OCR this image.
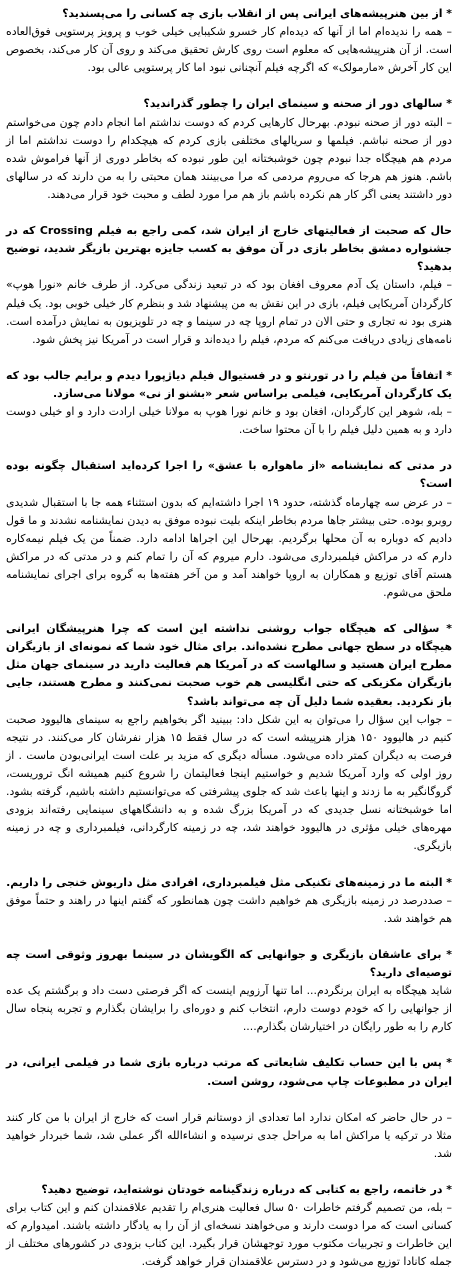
* از بین هنرپیشه‌های ایرانی پس از انقلاب بازی چه کسانی را می‌پسندید؟
– همه را ندیده‌ام اما از آنها که دیده‌ام کار خسرو شکیبایی خیلی خوب و پرویز پرستویی فوق‌العاده است. از آن هنرپیشه‌هایی که معلوم است روی کارش تحقیق می‌کند و روی آن کار می‌کند، بخصوص این کار آخرش «مارمولک» که اگرچه فیلم آنچنانی نبود اما کار پرستویی عالی بود.
* سالهای دور از صحنه و سینمای ایران را چطور گذراندید؟
– البته دور از صحنه نبودم. بهرحال کارهایی کردم که دوست نداشتم اما انجام دادم چون می‌خواستم دور از صحنه نباشم. فیلمها و سریالهای مختلفی بازی کردم که هیچکدام را دوست نداشتم اما از مردم هم هیچگاه جدا نبودم چون خوشبختانه این طور نبوده که بخاطر دوری از آنها فراموش شده باشم. هنوز هم هرجا که می‌روم مردمی که مرا می‌بینند همان محبتی را به من دارند که در سالهای دور داشتند یعنی اگر کار هم نکرده باشم باز هم مرا مورد لطف و محبت خود قرار می‌دهند.
حال که صحبت از فعالیتهای خارج از ایران شد، کمی راجع به فیلم Crossing که در جشنواره دمشق بخاطر بازی در آن موفق به کسب جایزه بهترین بازیگر شدید، توضیح بدهید؟
– فیلم، داستان یک آدم معروف افغان بود که در تبعید زندگی می‌کرد. از طرف خانم «نورا هوپ» کارگردان آمریکایی فیلم، بازی در این نقش به من پیشنهاد شد و بنظرم کار خیلی خوبی بود. یک فیلم هنری بود نه تجاری و حتی الان در تمام اروپا چه در سینما و چه در تلویزیون به نمایش درآمده است. نامه‌های زیادی دریافت می‌کنم که مردم، فیلم را دیده‌اند و قرار است در آمریکا نیز پخش شود.
* اتفاقاً من فیلم را در تورنتو و در فستیوال فیلم دیاژپورا دیدم و برایم جالب بود که یک کارگردان آمریکایی، فیلمی براساس شعر «بشنو از نی» مولانا می‌سازد.
– بله، شوهر این کارگردان، افغان بود و خانم نورا هوپ به مولانا خیلی ارادت دارد و او خیلی دوست دارد و به همین دلیل فیلم را با آن محتوا ساخت.
در مدتی که نمایشنامه «از ماهواره با عشق» را اجرا کرده‌اید استقبال چگونه بوده است؟
– در عرض سه چهارماه گذشته، حدود ۱۹ اجرا داشته‌ایم که بدون استثناء همه جا با استقبال شدیدی روبرو بوده. حتی بیشتر جاها مردم بخاطر اینکه بلیت نبوده موفق به دیدن نمایشنامه نشدند و ما قول دادیم که دوباره به آن محلها برگردیم. بهرحال این اجراها ادامه دارد. ضمناً من یک فیلم نیمه‌کاره دارم که در مراکش فیلمبرداری می‌شود. دارم میروم که آن را تمام کنم و در مدتی که در مراکش هستم آقای توزیع و همکاران به اروپا خواهند آمد و من آخر هفته‌ها به گروه برای اجرای نمایشنامه ملحق می‌شوم.
* سؤالی که هیچگاه جواب روشنی نداشته این است که چرا هنرپیشگان ایرانی هیچگاه در سطح جهانی مطرح نشده‌اند. برای مثال خود شما که نمونه‌ای از بازیگران مطرح ایران هستید و سالهاست که در آمریکا هم فعالیت دارید در سینمای جهان مثل بازیگران مکزیکی که حتی انگلیسی هم خوب صحبت نمی‌کنند و مطرح هستند، جایی باز نکردید. بعقیده شما دلیل آن چه می‌تواند باشد؟
– جواب این سؤال را می‌توان به این شکل داد: ببینید اگر بخواهیم راجع به سینمای هالیوود صحبت کنیم در هالیوود ۱۵۰ هزار هنرپیشه است که در سال فقط ۱۵ هزار نفرشان کار می‌کنند. در نتیجه فرصت به دیگران کمتر داده می‌شود. مسأله دیگری که مزید بر علت است ایرانی‌بودن ماست . از روز اولی که وارد آمریکا شدیم و خواستیم اینجا فعالیتمان را شروع کنیم همیشه انگ تروریست، گروگانگیر به ما زدند و اینها باعث شد که جلوی پیشرفتی که می‌توانستیم داشته باشیم، گرفته بشود. اما خوشبختانه نسل جدیدی که در آمریکا بزرگ شده و به دانشگاههای سینمایی رفته‌اند بزودی مهره‌های خیلی مؤثری در هالیوود خواهند شد، چه در زمینه کارگردانی، فیلمبرداری و چه در زمینه بازیگری.
* البته ما در زمینه‌های تکنیکی مثل فیلمبرداری، افرادی مثل داریوش خنجی را داریم.
– صددرصد در زمینه بازیگری هم خواهیم داشت چون همانطور که گفتم اینها در راهند و حتماً موفق هم خواهند شد.
* برای عاشقان بازیگری و جوانهایی که الگویشان در سینما بهروز وثوقی است چه توصیه‌ای دارید؟
شاید هیچگاه به ایران برنگردم... اما تنها آرزویم اینست که اگر فرصتی دست داد و برگشتم یک عده از جوانهایی را که خودم دوست دارم، انتخاب کنم و دوره‌ای را برایشان بگذارم و تجربه پنجاه سال کارم را به طور رایگان در اختیارشان بگذارم....
* پس با این حساب تکلیف شایعاتی که مرتب درباره بازی شما در فیلمی ایرانی، در ایران در مطبوعات چاپ می‌شود، روشن است.
– در حال حاضر که امکان ندارد اما تعدادی از دوستانم قرار است که خارج از ایران با من کار کنند مثلا در ترکیه یا مراکش اما به مراحل جدی نرسیده و انشاءالله اگر عملی شد، شما خبردار خواهید شد.
* در خاتمه، راجع به کتابی که درباره زندگینامه خودتان نوشته‌اید، توضیح دهید؟
– بله، من تصمیم گرفتم خاطرات ۵۰ سال فعالیت هنری‌ام را تقدیم علاقمندان کنم و این کتاب برای کسانی است که مرا دوست دارند و می‌خواهند نسخه‌ای از آن را به یادگار داشته باشند. امیدوارم که این خاطرات و تجربیات مکتوب مورد توجهشان قرار بگیرد. این کتاب بزودی در کشورهای مختلف از جمله کانادا توزیع می‌شود و در دسترس علاقمندان قرار خواهد گرفت.
